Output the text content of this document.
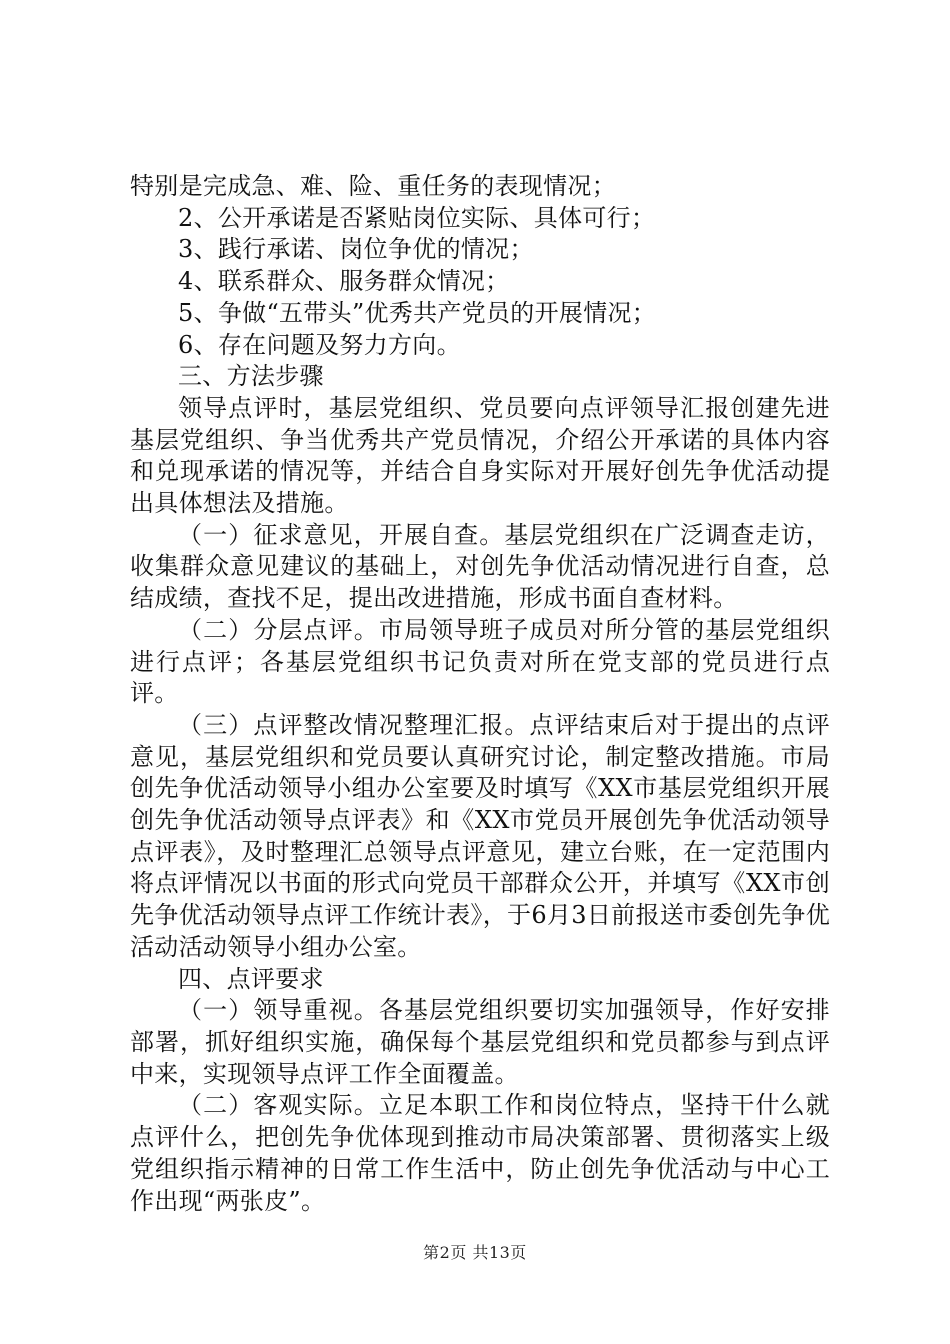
特别是完成急、难、险、重任务的表现情况；

2、公开承诺是否紧贴岗位实际、具体可行；

3、践行承诺、岗位争优的情况；

4、联系群众、服务群众情况；

5、争做“五带头”优秀共产党员的开展情况；

6、存在问题及努力方向。

三、方法步骤

领导点评时，基层党组织、党员要向点评领导汇报创建先进基层党组织、争当优秀共产党员情况，介绍公开承诺的具体内容和兑现承诺的情况等，并结合自身实际对开展好创先争优活动提出具体想法及措施。

（一）征求意见，开展自查。基层党组织在广泛调查走访，收集群众意见建议的基础上，对创先争优活动情况进行自查，总结成绩，查找不足，提出改进措施，形成书面自查材料。

（二）分层点评。市局领导班子成员对所分管的基层党组织进行点评；各基层党组织书记负责对所在党支部的党员进行点评。

（三）点评整改情况整理汇报。点评结束后对于提出的点评意见，基层党组织和党员要认真研究讨论，制定整改措施。市局创先争优活动领导小组办公室要及时填写《XX市基层党组织开展创先争优活动领导点评表》和《XX市党员开展创先争优活动领导点评表》，及时整理汇总领导点评意见，建立台账，在一定范围内将点评情况以书面的形式向党员干部群众公开，并填写《XX市创先争优活动领导点评工作统计表》，于6月3日前报送市委创先争优活动活动领导小组办公室。

四、点评要求

（一）领导重视。各基层党组织要切实加强领导，作好安排部署，抓好组织实施，确保每个基层党组织和党员都参与到点评中来，实现领导点评工作全面覆盖。

（二）客观实际。立足本职工作和岗位特点，坚持干什么就点评什么，把创先争优体现到推动市局决策部署、贯彻落实上级党组织指示精神的日常工作生活中，防止创先争优活动与中心工作出现“两张皮”。

第2页 共13页
